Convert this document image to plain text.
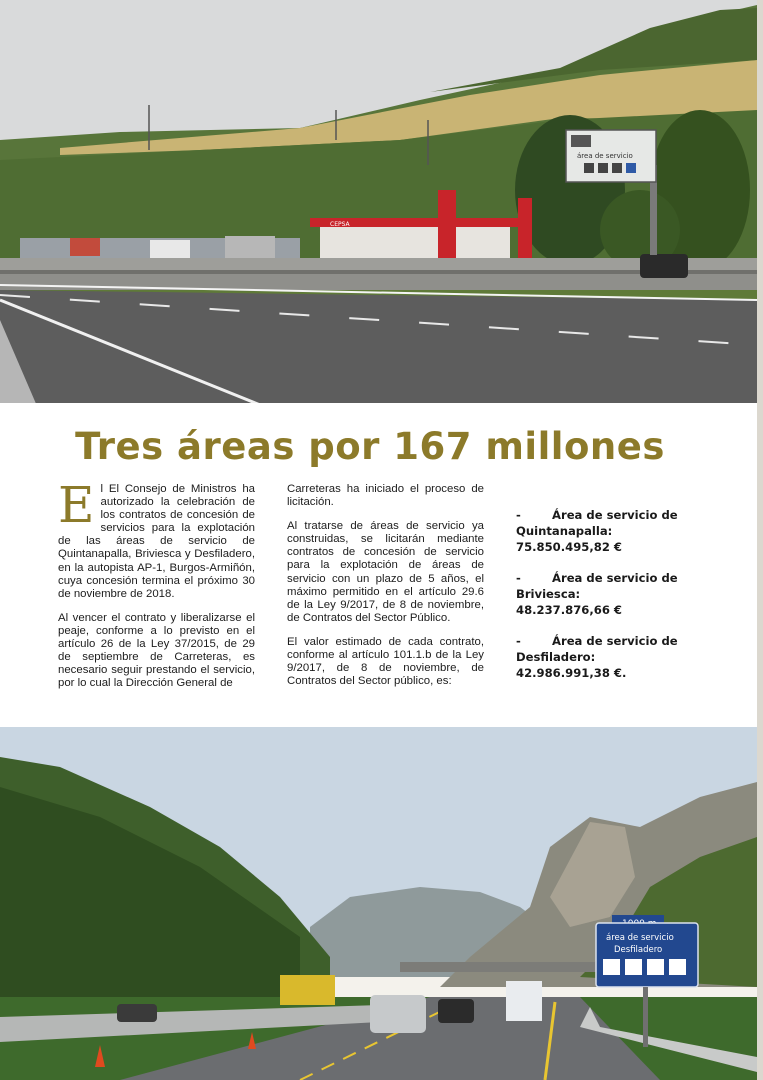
CEPSA
área de servicio
Tres áreas por 167 millones

El El Consejo de Ministros ha autorizado la celebración de los contratos de concesión de servicios para la explotación de las áreas de servicio de Quintanapalla, Briviesca y Desfiladero, en la autopista AP-1, Burgos-Armiñón, cuya concesión termina el próximo 30 de noviembre de 2018.

Al vencer el contrato y liberalizarse el peaje, conforme a lo previsto en el artículo 26 de la Ley 37/2015, de 29 de septiembre de Carreteras, es necesario seguir prestando el servicio, por lo cual la Dirección General de

Carreteras ha iniciado el proceso de licitación.

Al tratarse de áreas de servicio ya construidas, se licitarán mediante contratos de concesión de servicio para la explotación de áreas de servicio con un plazo de 5 años, el máximo permitido en el artículo 29.6 de la Ley 9/2017, de 8 de noviembre, de Contratos del Sector Público.

El valor estimado de cada contrato, conforme al artículo 101.1.b de la Ley 9/2017, de 8 de noviembre, de Contratos del Sector público, es:

-	Área de servicio de Quintanapalla:
75.850.495,82 €
-	Área de servicio de Briviesca:
48.237.876,66 €
-	Área de servicio de Desfiladero:
42.986.991,38 €.
área de servicio
Desfiladero
